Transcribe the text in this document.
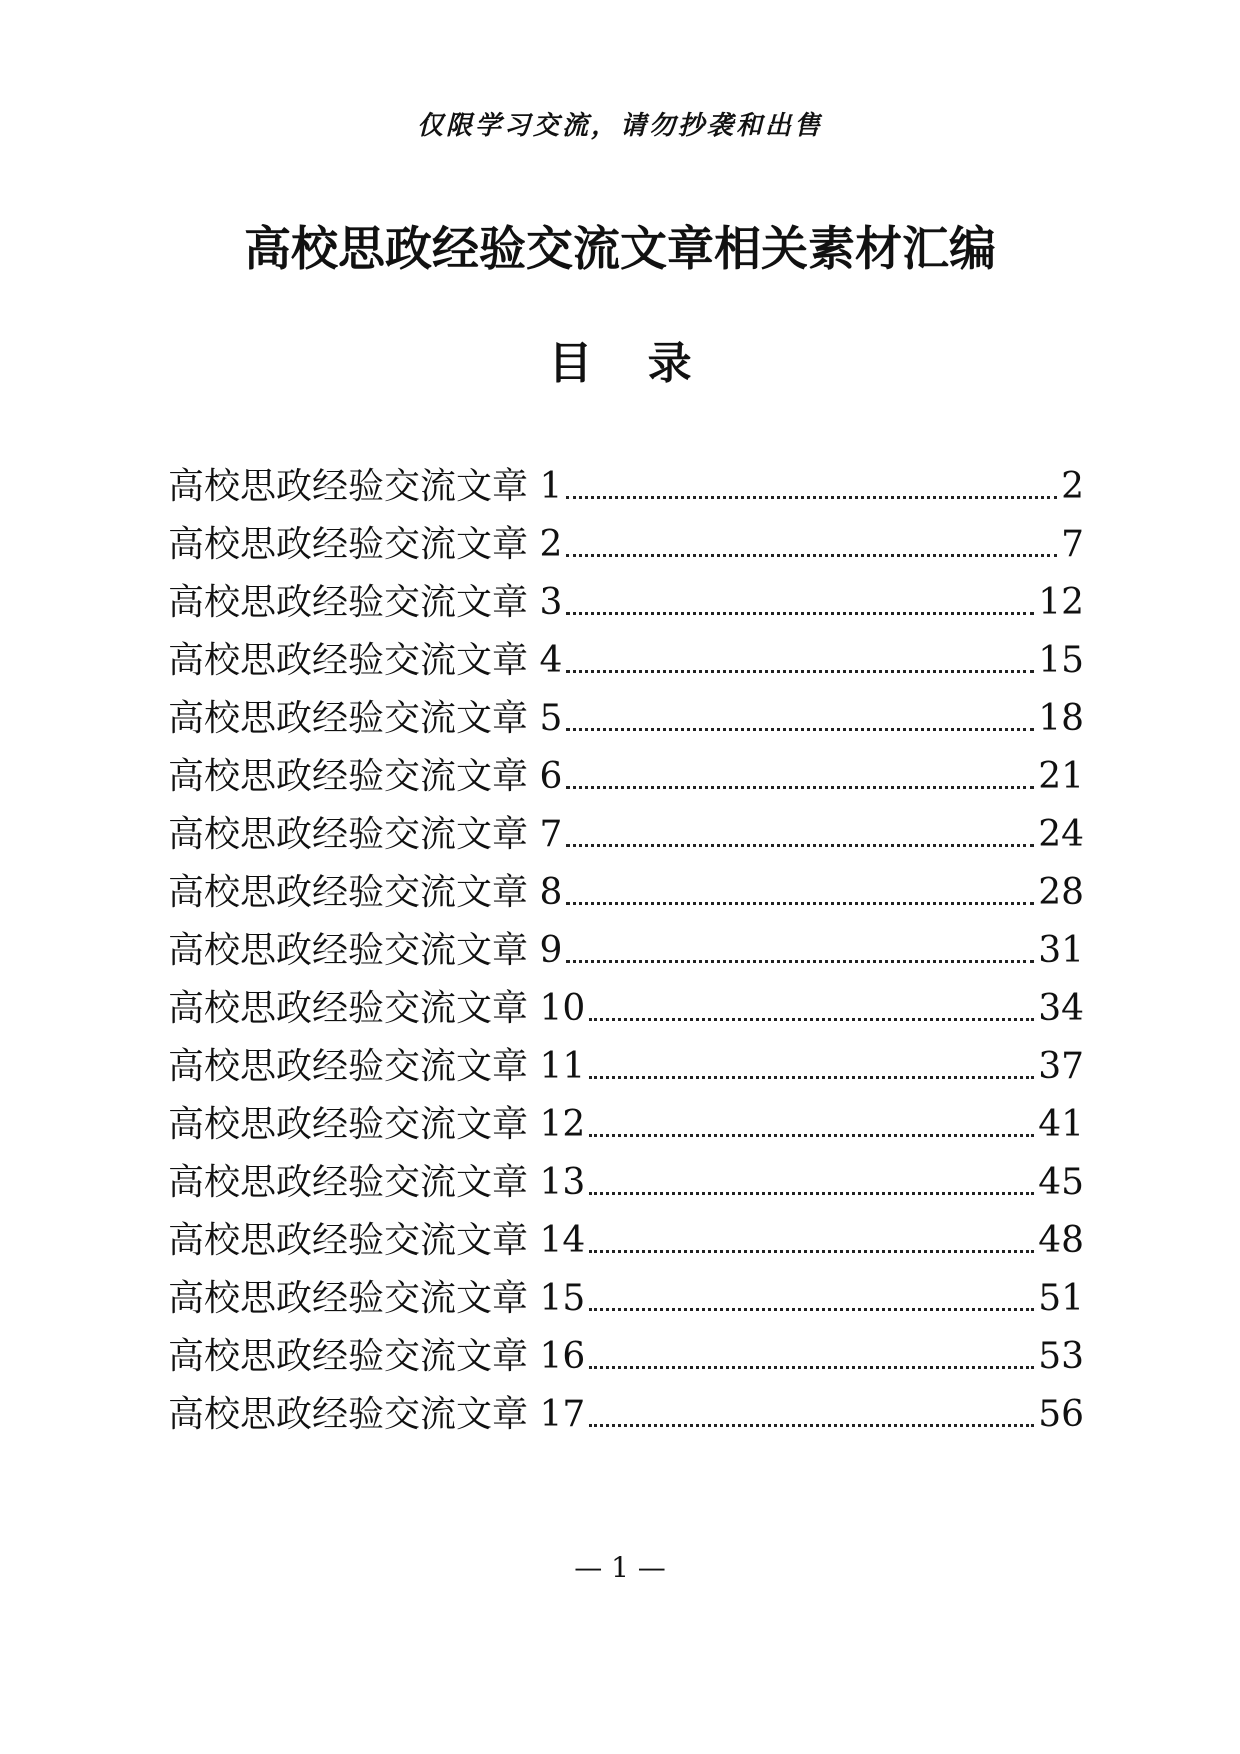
仅限学习交流，请勿抄袭和出售
高校思政经验交流文章相关素材汇编
目 录
高校思政经验交流文章 1	2
高校思政经验交流文章 2	7
高校思政经验交流文章 3	12
高校思政经验交流文章 4	15
高校思政经验交流文章 5	18
高校思政经验交流文章 6	21
高校思政经验交流文章 7	24
高校思政经验交流文章 8	28
高校思政经验交流文章 9	31
高校思政经验交流文章 10	34
高校思政经验交流文章 11	37
高校思政经验交流文章 12	41
高校思政经验交流文章 13	45
高校思政经验交流文章 14	48
高校思政经验交流文章 15	51
高校思政经验交流文章 16	53
高校思政经验交流文章 17	56
— 1 —
